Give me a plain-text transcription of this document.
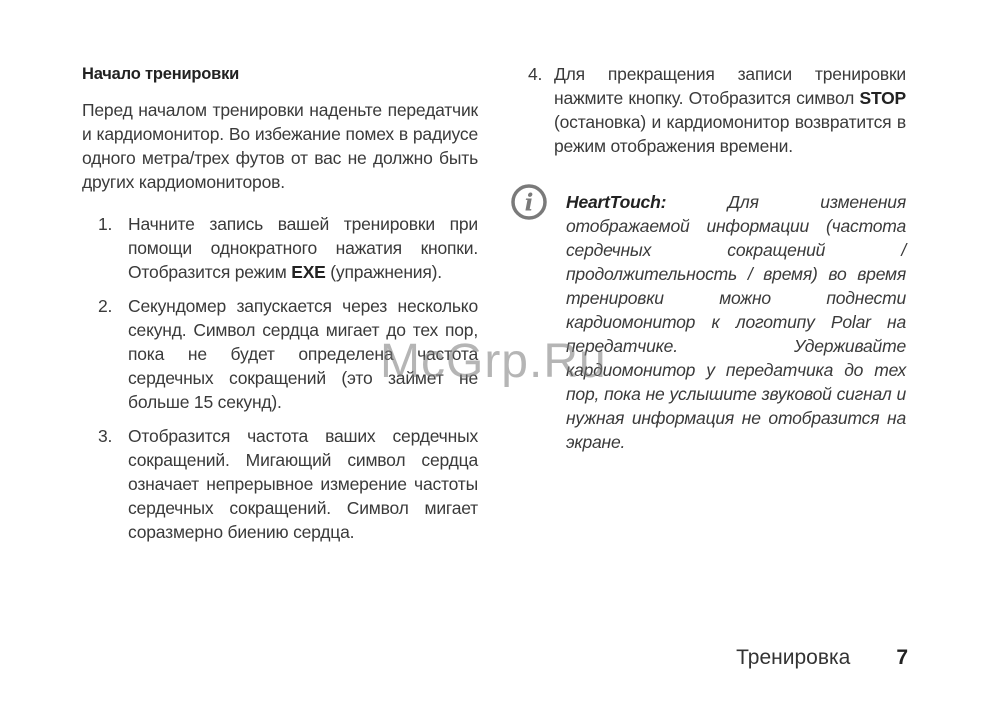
Начало тренировки

Перед началом тренировки наденьте передатчик и кардиомонитор. Во избежание помех в радиусе одного метра/трех футов от вас не должно быть других кардиомониторов.

1. Начните запись вашей тренировки при помощи однократного нажатия кнопки. Отобразится режим EXE (упражнения).
2. Секундомер запускается через несколько секунд. Символ сердца мигает до тех пор, пока не будет определена частота сердечных сокращений (это займет не больше 15 секунд).
3. Отобразится частота ваших сердечных сокращений. Мигающий символ сердца означает непрерывное измерение частоты сердечных сокращений. Символ мигает соразмерно биению сердца.
4. Для прекращения записи тренировки нажмите кнопку. Отобразится символ STOP (остановка) и кардиомонитор возвратится в режим отображения времени.
i HeartTouch: Для изменения отображаемой информации (частота сердечных сокращений / продолжительность / время) во время тренировки можно поднести кардиомонитор к логотипу Polar на передатчике. Удерживайте кардиомонитор у передатчика до тех пор, пока не услышите звуковой сигнал и нужная информация не отобразится на экране.

McGrp.Ru
Тренировка 7
